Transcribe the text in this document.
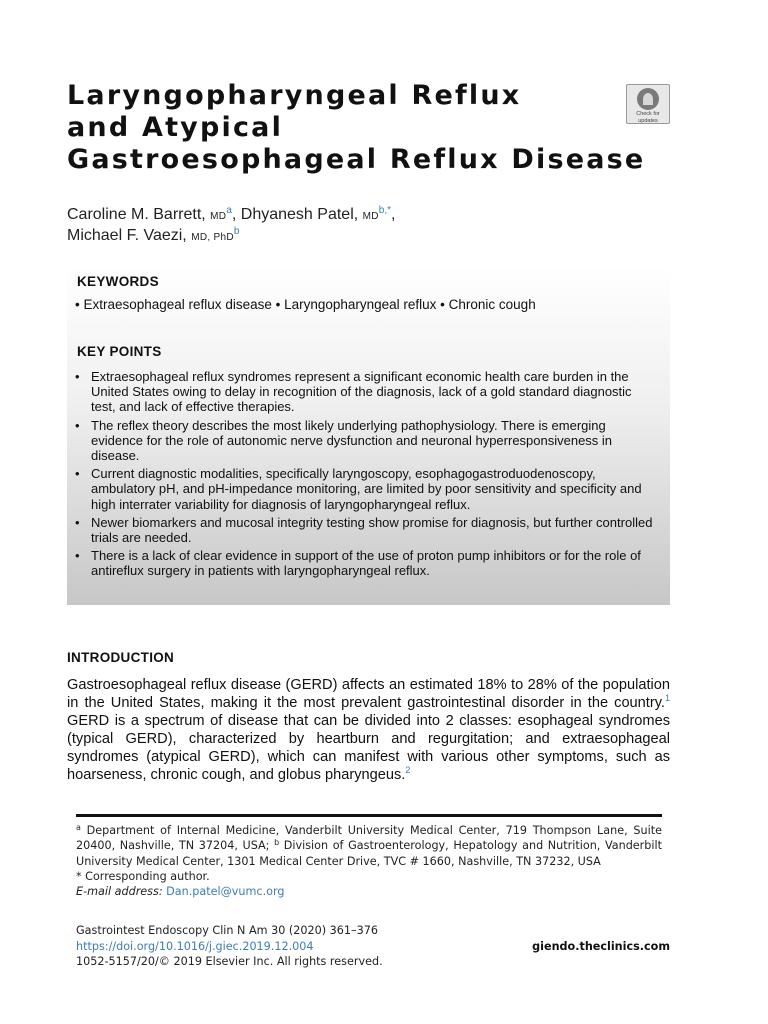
Laryngopharyngeal Reflux
and Atypical
Gastroesophageal Reflux Disease
Check for
updates
Caroline M. Barrett, $MD^a$, Dhyanesh Patel, $MD^{b,*}$,
Michael F. Vaezi, MD, PhD$^b$
KEYWORDS
• Extraesophageal reflux disease • Laryngopharyngeal reflux • Chronic cough
KEY POINTS
• Extraesophageal reflux syndromes represent a significant economic health care burden in the United States owing to delay in recognition of the diagnosis, lack of a gold standard diagnostic test, and lack of effective therapies.
• The reflex theory describes the most likely underlying pathophysiology. There is emerging evidence for the role of autonomic nerve dysfunction and neuronal hyperresponsiveness in disease.
• Current diagnostic modalities, specifically laryngoscopy, esophagogastroduodenoscopy, ambulatory pH, and pH-impedance monitoring, are limited by poor sensitivity and specificity and high interrater variability for diagnosis of laryngopharyngeal reflux.
• Newer biomarkers and mucosal integrity testing show promise for diagnosis, but further controlled trials are needed.
• There is a lack of clear evidence in support of the use of proton pump inhibitors or for the role of antireflux surgery in patients with laryngopharyngeal reflux.
INTRODUCTION

Gastroesophageal reflux disease (GERD) affects an estimated 18% to 28% of the population in the United States, making it the most prevalent gastrointestinal disorder in the country.$^1$ GERD is a spectrum of disease that can be divided into 2 classes: esophageal syndromes (typical GERD), characterized by heartburn and regurgitation; and extraesophageal syndromes (atypical GERD), which can manifest with various other symptoms, such as hoarseness, chronic cough, and globus pharyngeus.$^2$

$^a$ Department of Internal Medicine, Vanderbilt University Medical Center, 719 Thompson Lane, Suite 20400, Nashville, TN 37204, USA; $^b$ Division of Gastroenterology, Hepatology and Nutrition, Vanderbilt University Medical Center, 1301 Medical Center Drive, TVC # 1660, Nashville, TN 37232, USA
* Corresponding author.
E-mail address: Dan.patel@vumc.org
Gastrointest Endoscopy Clin N Am 30 (2020) 361–376
https://doi.org/10.1016/j.giec.2019.12.004
1052-5157/20/© 2019 Elsevier Inc. All rights reserved.
giendo.theclinics.com
